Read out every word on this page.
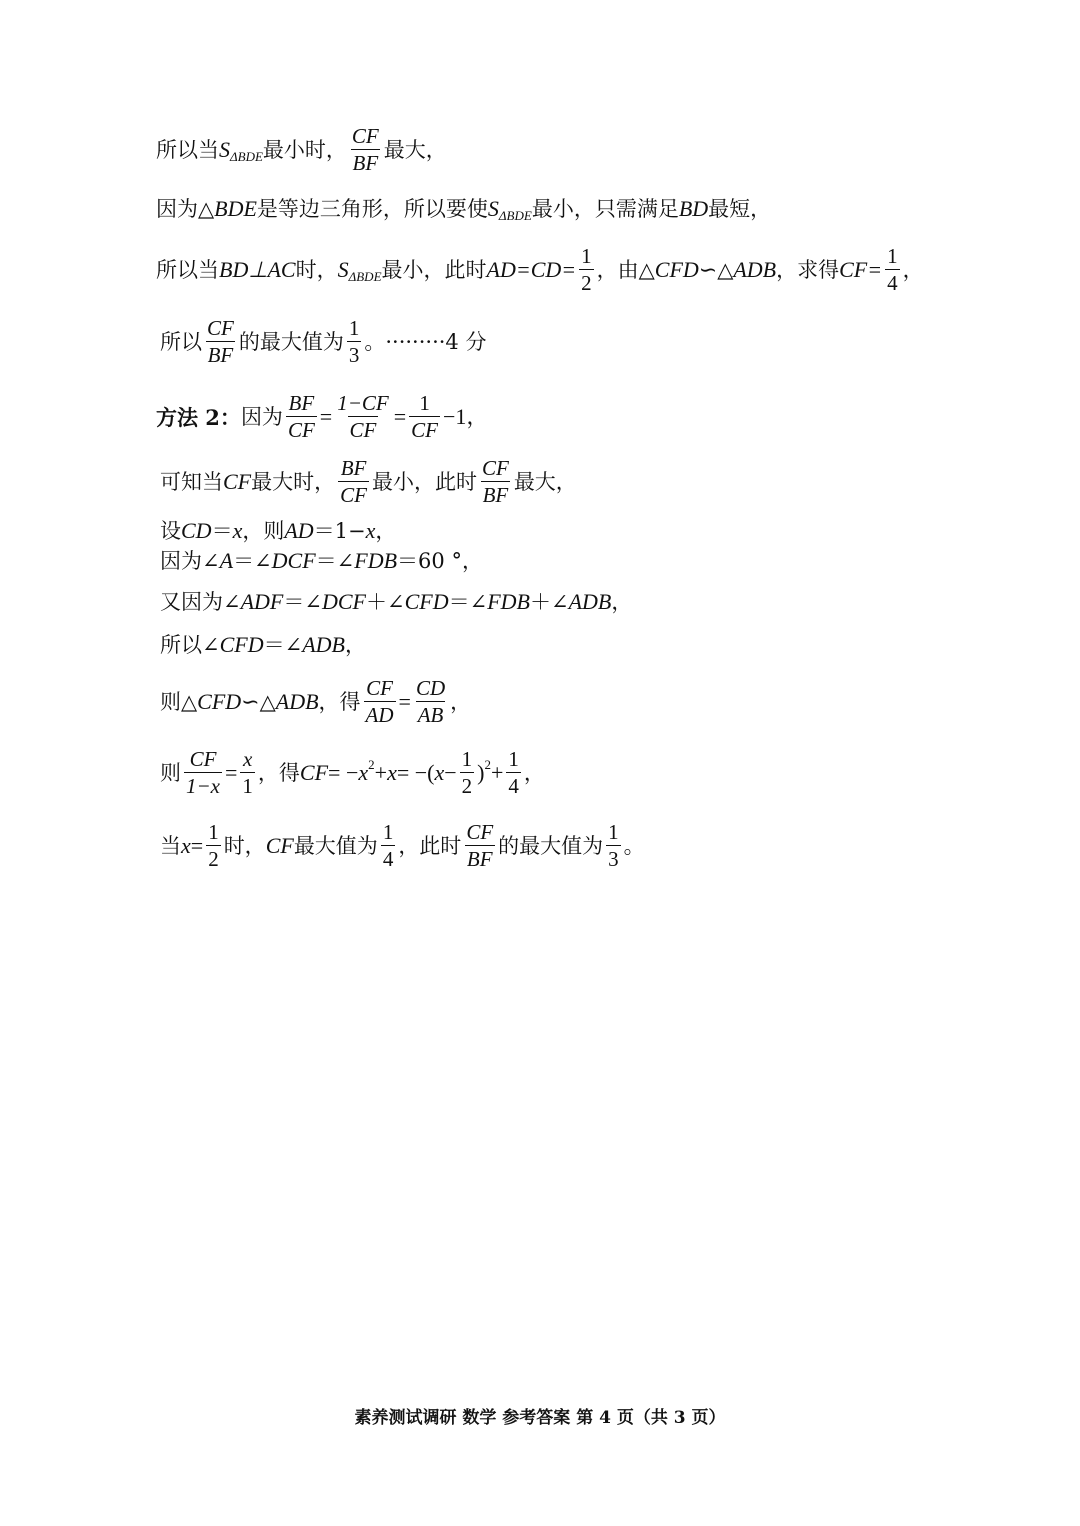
所以当 S ΔBDE 最小时， $\frac{CF}{BF}$ 最大，
因为△ BDE 是等边三角形，所以要使 S ΔBDE 最小，只需满足 BD 最短，
所以当 BD⊥AC 时， S ΔBDE 最小，此时 $AD=CD= \frac{1}{2}$ ，由△ CFD ∽ △ ADB ，求得 $CF= \frac{1}{4}$ ，
所以 $\frac{CF}{BF}$ 的最大值为 $\frac{1}{3}$ 。 ········· 4 分
方法 2： 因为 $\frac{BF}{CF} = \frac{1-CF}{CF} = \frac{1}{CF} -1$，
可知当 CF 最大时， $\frac{BF}{CF}$ 最小，此时 $\frac{CF}{BF}$ 最大，
设 CD ＝ x ，则 AD ＝1− x ，
因为∠ A ＝∠ DCF ＝∠ FDB ＝60 °，
又因为∠ ADF ＝∠ DCF ＋∠ CFD ＝∠ FDB ＋∠ ADB ，
所以∠ CFD ＝∠ ADB ，
则△ CFD ∽ △ ADB ，得 $\frac{CF}{AD} = \frac{CD}{AB}$ ，
则 $\frac{CF}{1-x} = \frac{x}{1}$ ，得 CF = − x 2 + x = −( $x - \frac{1}{2}$ ) $2 + \frac{1}{4}$ ，
当 $x = \frac{1}{2}$ 时， CF 最大值为 $\frac{1}{4}$ ，此时 $\frac{CF}{BF}$ 的最大值为 $\frac{1}{3}$ 。
素养测试调研 数学 参考答案 第 4 页（共 3 页）
